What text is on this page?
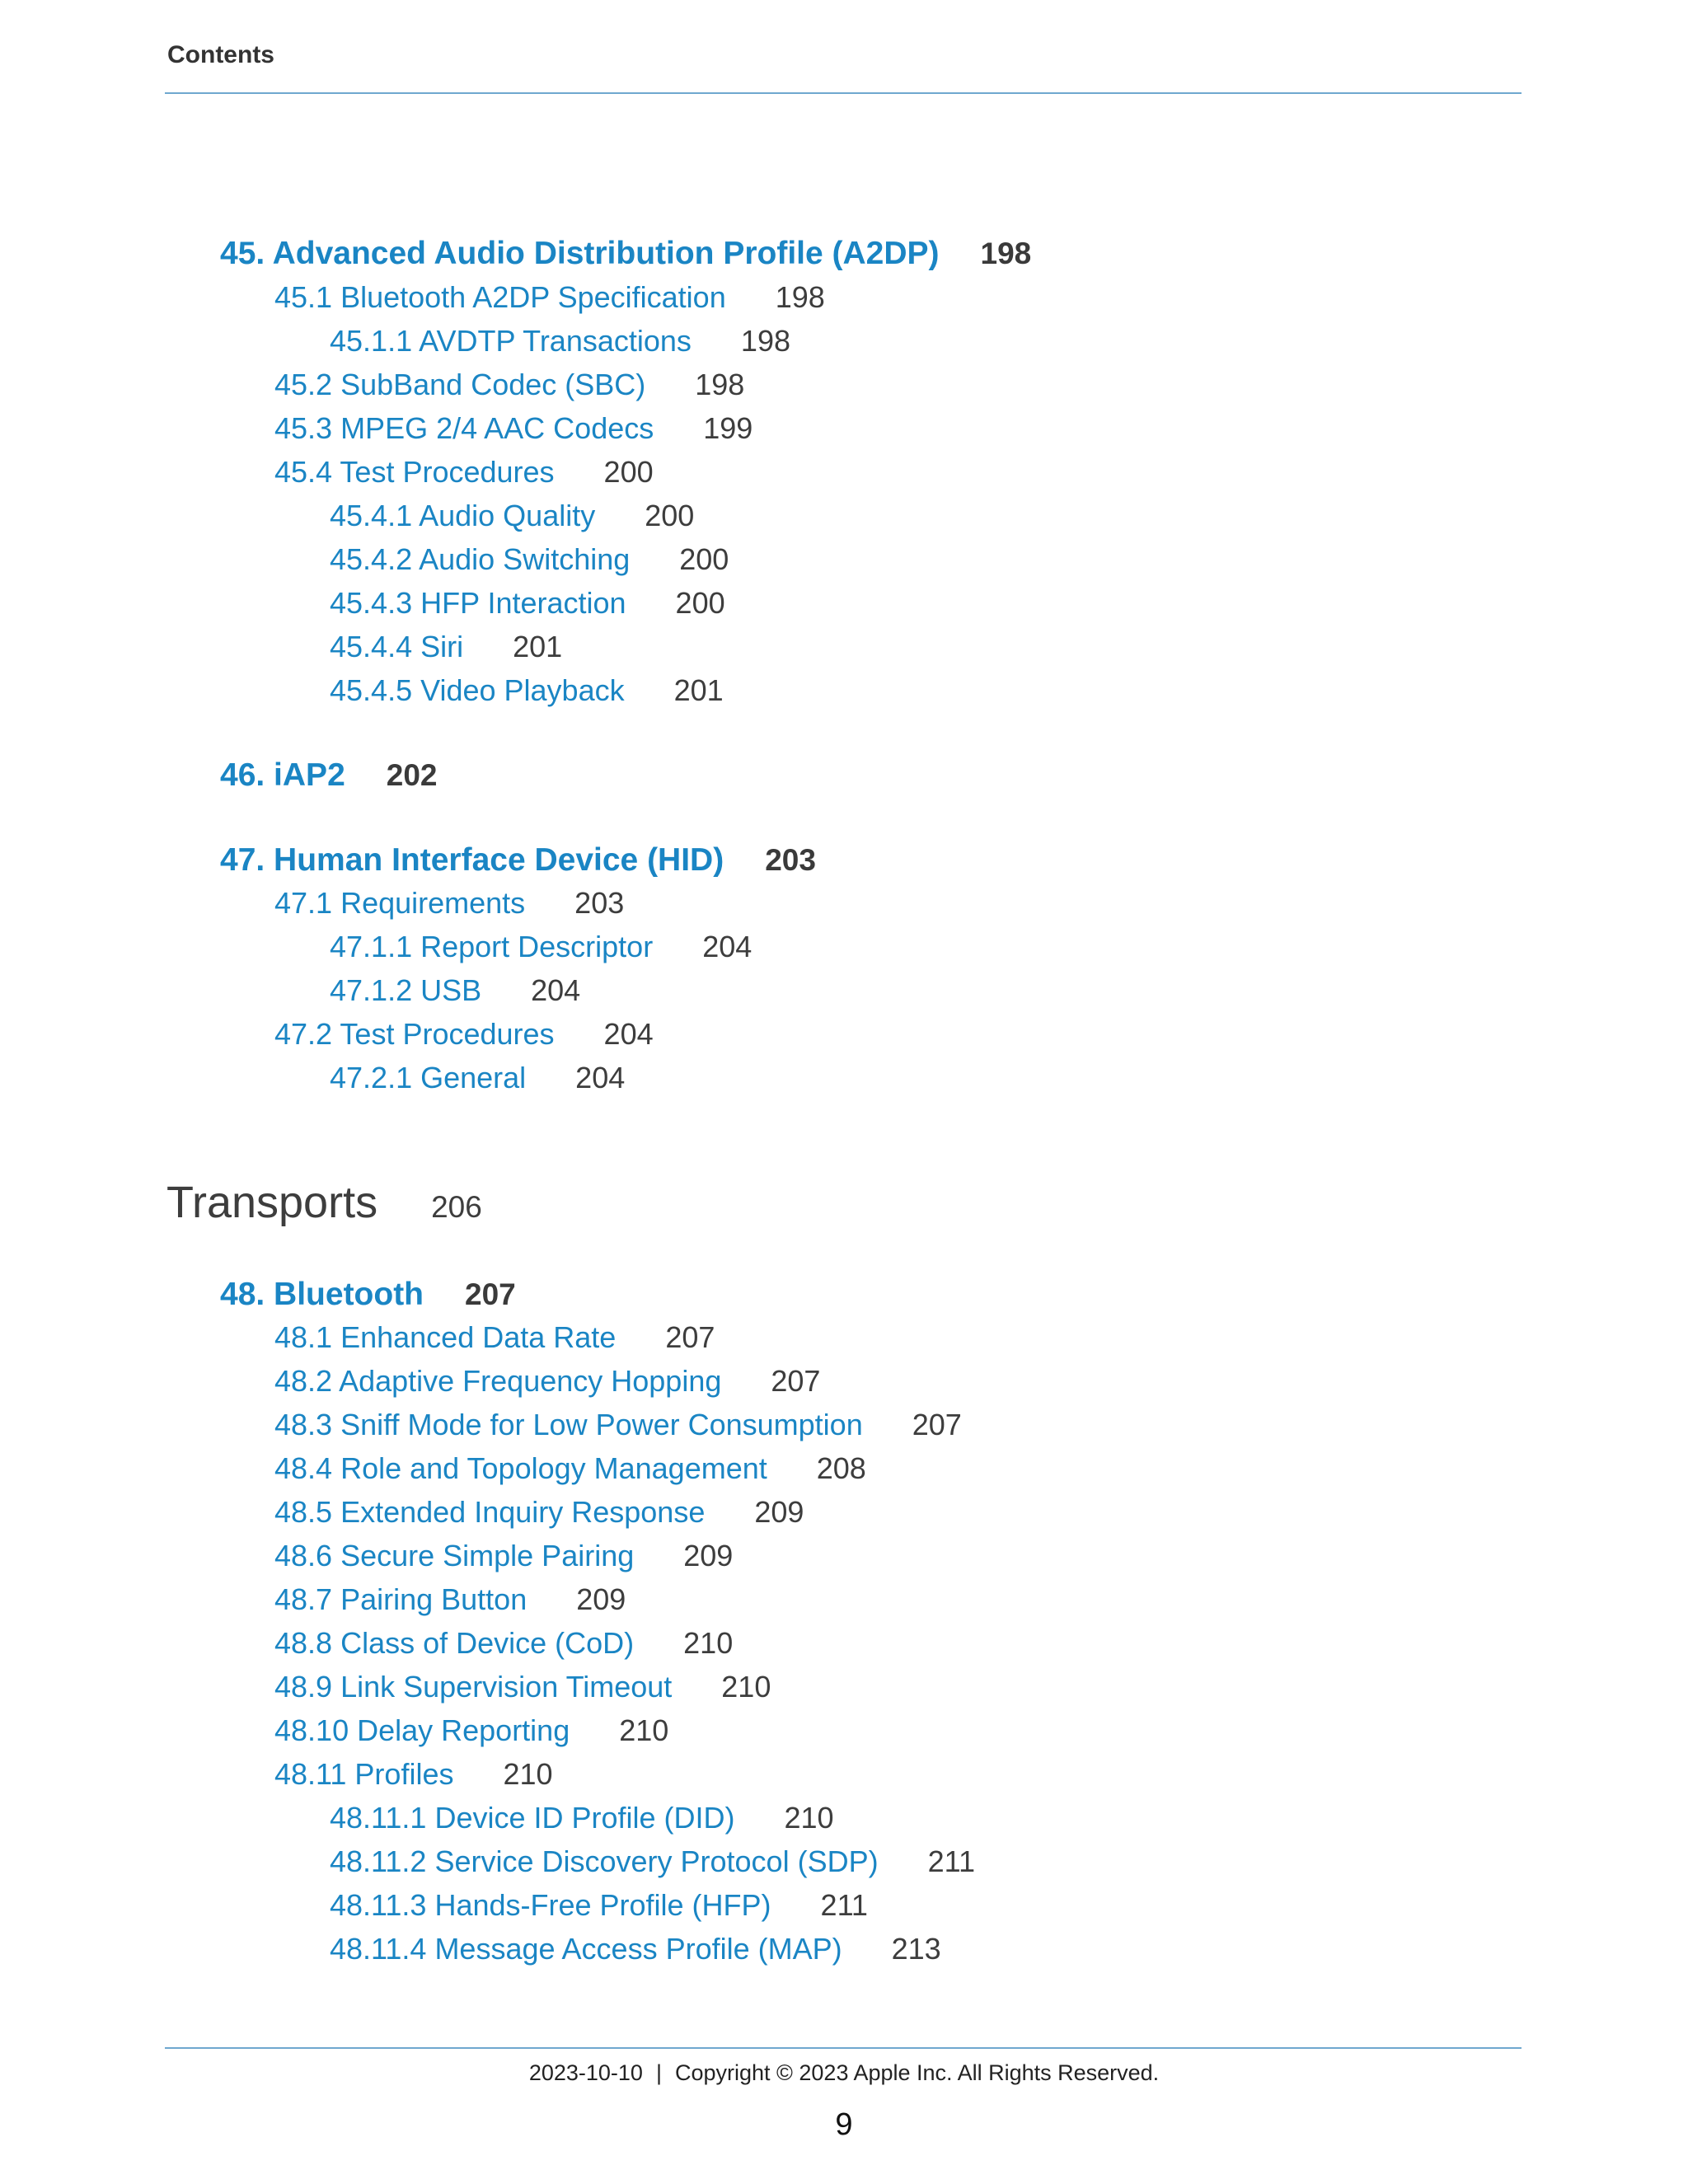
Contents
45. Advanced Audio Distribution Profile (A2DP) 198
45.1 Bluetooth A2DP Specification 198
45.1.1 AVDTP Transactions 198
45.2 SubBand Codec (SBC) 198
45.3 MPEG 2/4 AAC Codecs 199
45.4 Test Procedures 200
45.4.1 Audio Quality 200
45.4.2 Audio Switching 200
45.4.3 HFP Interaction 200
45.4.4 Siri 201
45.4.5 Video Playback 201
46. iAP2 202
47. Human Interface Device (HID) 203
47.1 Requirements 203
47.1.1 Report Descriptor 204
47.1.2 USB 204
47.2 Test Procedures 204
47.2.1 General 204
Transports 206
48. Bluetooth 207
48.1 Enhanced Data Rate 207
48.2 Adaptive Frequency Hopping 207
48.3 Sniff Mode for Low Power Consumption 207
48.4 Role and Topology Management 208
48.5 Extended Inquiry Response 209
48.6 Secure Simple Pairing 209
48.7 Pairing Button 209
48.8 Class of Device (CoD) 210
48.9 Link Supervision Timeout 210
48.10 Delay Reporting 210
48.11 Profiles 210
48.11.1 Device ID Profile (DID) 210
48.11.2 Service Discovery Protocol (SDP) 211
48.11.3 Hands-Free Profile (HFP) 211
48.11.4 Message Access Profile (MAP) 213
2023-10-10 | Copyright © 2023 Apple Inc. All Rights Reserved.
9
